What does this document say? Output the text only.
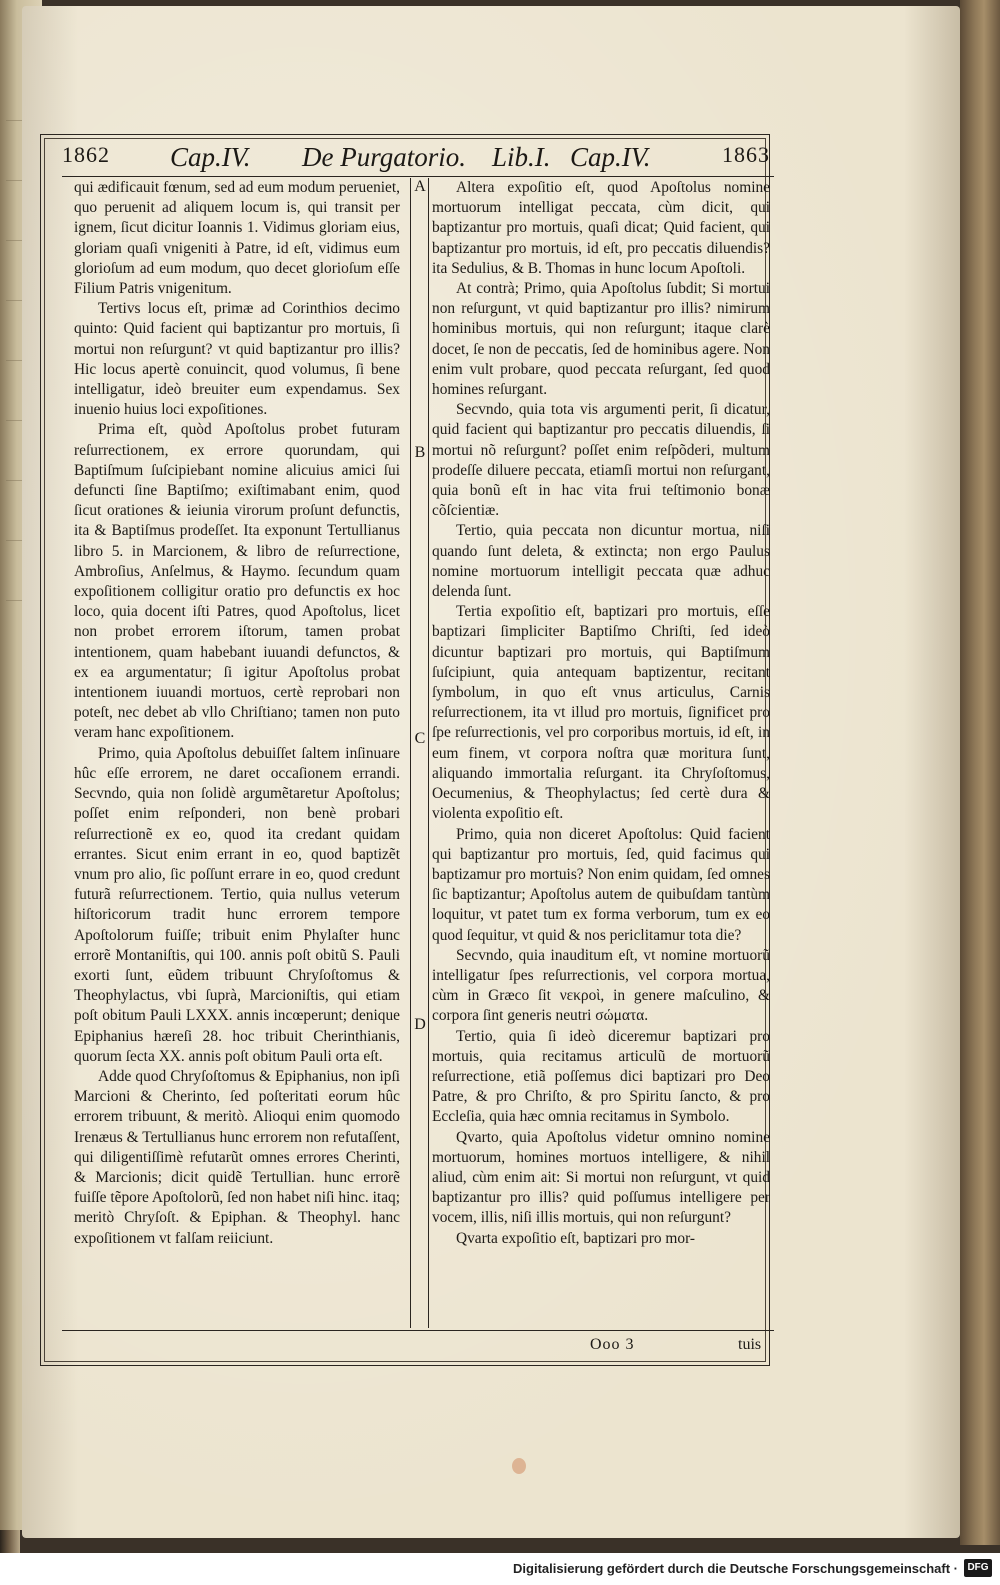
1862 Cap.IV. De Purgatorio. Lib.I. Cap.IV.	1863
A
B
C
D

qui ædificauit fœnum, sed ad eum modum perueniet, quo peruenit ad aliquem locum is, qui transit per ignem, ſicut dicitur Ioannis 1. Vidimus gloriam eius, gloriam quaſi vnigeniti à Patre, id eſt, vidimus eum glorioſum ad eum modum, quo decet glorioſum eſſe Filium Patris vnigenitum.

Tertivs locus eſt, primæ ad Corinthios decimo quinto: Quid facient qui baptizantur pro mortuis, ſi mortui non reſurgunt? vt quid baptizantur pro illis? Hic locus apertè conuincit, quod volumus, ſi bene intelligatur, ideò breuiter eum expendamus. Sex inuenio huius loci expoſitiones.

Prima eſt, quòd Apoſtolus probet futuram reſurrectionem, ex errore quorundam, qui Baptiſmum ſuſcipiebant nomine alicuius amici ſui defuncti ſine Baptiſmo; exiſtimabant enim, quod ſicut orationes & ieiunia virorum proſunt defunctis, ita & Baptiſmus prodeſſet. Ita exponunt Tertullianus libro 5. in Marcionem, & libro de reſurrectione, Ambroſius, Anſelmus, & Haymo. ſecundum quam expoſitionem colligitur oratio pro defunctis ex hoc loco, quia docent iſti Patres, quod Apoſtolus, licet non probet errorem iſtorum, tamen probat intentionem, quam habebant iuuandi defunctos, & ex ea argumentatur; ſi igitur Apoſtolus probat intentionem iuuandi mortuos, certè reprobari non poteſt, nec debet ab vllo Chriſtiano; tamen non puto veram hanc expoſitionem.

Primo, quia Apoſtolus debuiſſet ſaltem inſinuare hûc eſſe errorem, ne daret occaſionem errandi. Secvndo, quia non ſolidè argumẽtaretur Apoſtolus; poſſet enim reſponderi, non benè probari reſurrectionẽ ex eo, quod ita credant quidam errantes. Sicut enim errant in eo, quod baptizẽt vnum pro alio, ſic poſſunt errare in eo, quod credunt futurã reſurrectionem. Tertio, quia nullus veterum hiſtoricorum tradit hunc errorem tempore Apoſtolorum fuiſſe; tribuit enim Phylaſter hunc errorẽ Montaniſtis, qui 100. annis poſt obitũ S. Pauli exorti ſunt, eũdem tribuunt Chryſoſtomus & Theophylactus, vbi ſuprà, Marcioniſtis, qui etiam poſt obitum Pauli LXXX. annis incœperunt; denique Epiphanius hæreſi 28. hoc tribuit Cherinthianis, quorum ſecta XX. annis poſt obitum Pauli orta eſt.

Adde quod Chryſoſtomus & Epiphanius, non ipſi Marcioni & Cherinto, ſed poſteritati eorum hûc errorem tribuunt, & meritò. Alioqui enim quomodo Irenæus & Tertullianus hunc errorem non refutaſſent, qui diligentiſſimè refutarũt omnes errores Cherinti, & Marcionis; dicit quidẽ Tertullian. hunc errorẽ fuiſſe tẽpore Apoſtolorũ, ſed non habet niſi hinc. itaq; meritò Chryſoſt. & Epiphan. & Theophyl. hanc expoſitionem vt falſam reiiciunt.

Altera expoſitio eſt, quod Apoſtolus nomine mortuorum intelligat peccata, cùm dicit, qui baptizantur pro mortuis, quaſi dicat; Quid facient, qui baptizantur pro mortuis, id eſt, pro peccatis diluendis? ita Sedulius, & B. Thomas in hunc locum Apoſtoli.

At contrà; Primo, quia Apoſtolus ſubdit; Si mortui non reſurgunt, vt quid baptizantur pro illis? nimirum hominibus mortuis, qui non reſurgunt; itaque clarè docet, ſe non de peccatis, ſed de hominibus agere. Non enim vult probare, quod peccata reſurgant, ſed quod homines reſurgant.

Secvndo, quia tota vis argumenti perit, ſi dicatur, quid facient qui baptizantur pro peccatis diluendis, ſi mortui nõ reſurgunt? poſſet enim reſpõderi, multum prodeſſe diluere peccata, etiamſi mortui non reſurgant, quia bonũ eſt in hac vita frui teſtimonio bonæ cõſcientiæ.

Tertio, quia peccata non dicuntur mortua, niſi quando ſunt deleta, & extincta; non ergo Paulus nomine mortuorum intelligit peccata quæ adhuc delenda ſunt.

Tertia expoſitio eſt, baptizari pro mortuis, eſſe baptizari ſimpliciter Baptiſmo Chriſti, ſed ideò dicuntur baptizari pro mortuis, qui Baptiſmum ſuſcipiunt, quia antequam baptizentur, recitant ſymbolum, in quo eſt vnus articulus, Carnis reſurrectionem, ita vt illud pro mortuis, ſignificet pro ſpe reſurrectionis, vel pro corporibus mortuis, id eſt, in eum finem, vt corpora noſtra quæ moritura ſunt, aliquando immortalia reſurgant. ita Chryſoſtomus, Oecumenius, & Theophylactus; ſed certè dura & violenta expoſitio eſt.

Primo, quia non diceret Apoſtolus: Quid facient qui baptizantur pro mortuis, ſed, quid facimus qui baptizamur pro mortuis? Non enim quidam, ſed omnes ſic baptizantur; Apoſtolus autem de quibuſdam tantùm loquitur, vt patet tum ex forma verborum, tum ex eo quod ſequitur, vt quid & nos periclitamur tota die?

Secvndo, quia inauditum eſt, vt nomine mortuorũ intelligatur ſpes reſurrectionis, vel corpora mortua, cùm in Græco ſit νεκροὶ, in genere maſculino, & corpora ſint generis neutri σώματα.

Tertio, quia ſi ideò diceremur baptizari pro mortuis, quia recitamus articulũ de mortuorũ reſurrectione, etiã poſſemus dici baptizari pro Deo Patre, & pro Chriſto, & pro Spiritu ſancto, & pro Eccleſia, quia hæc omnia recitamus in Symbolo.

Qvarto, quia Apoſtolus videtur omnino nomine mortuorum, homines mortuos intelligere, & nihil aliud, cùm enim ait: Si mortui non reſurgunt, vt quid baptizantur pro illis? quid poſſumus intelligere per vocem, illis, niſi illis mortuis, qui non reſurgunt?

Qvarta expoſitio eſt, baptizari pro mor-

Ooo 3	tuis
Digitalisierung gefördert durch die Deutsche Forschungsgemeinschaft · DFG
